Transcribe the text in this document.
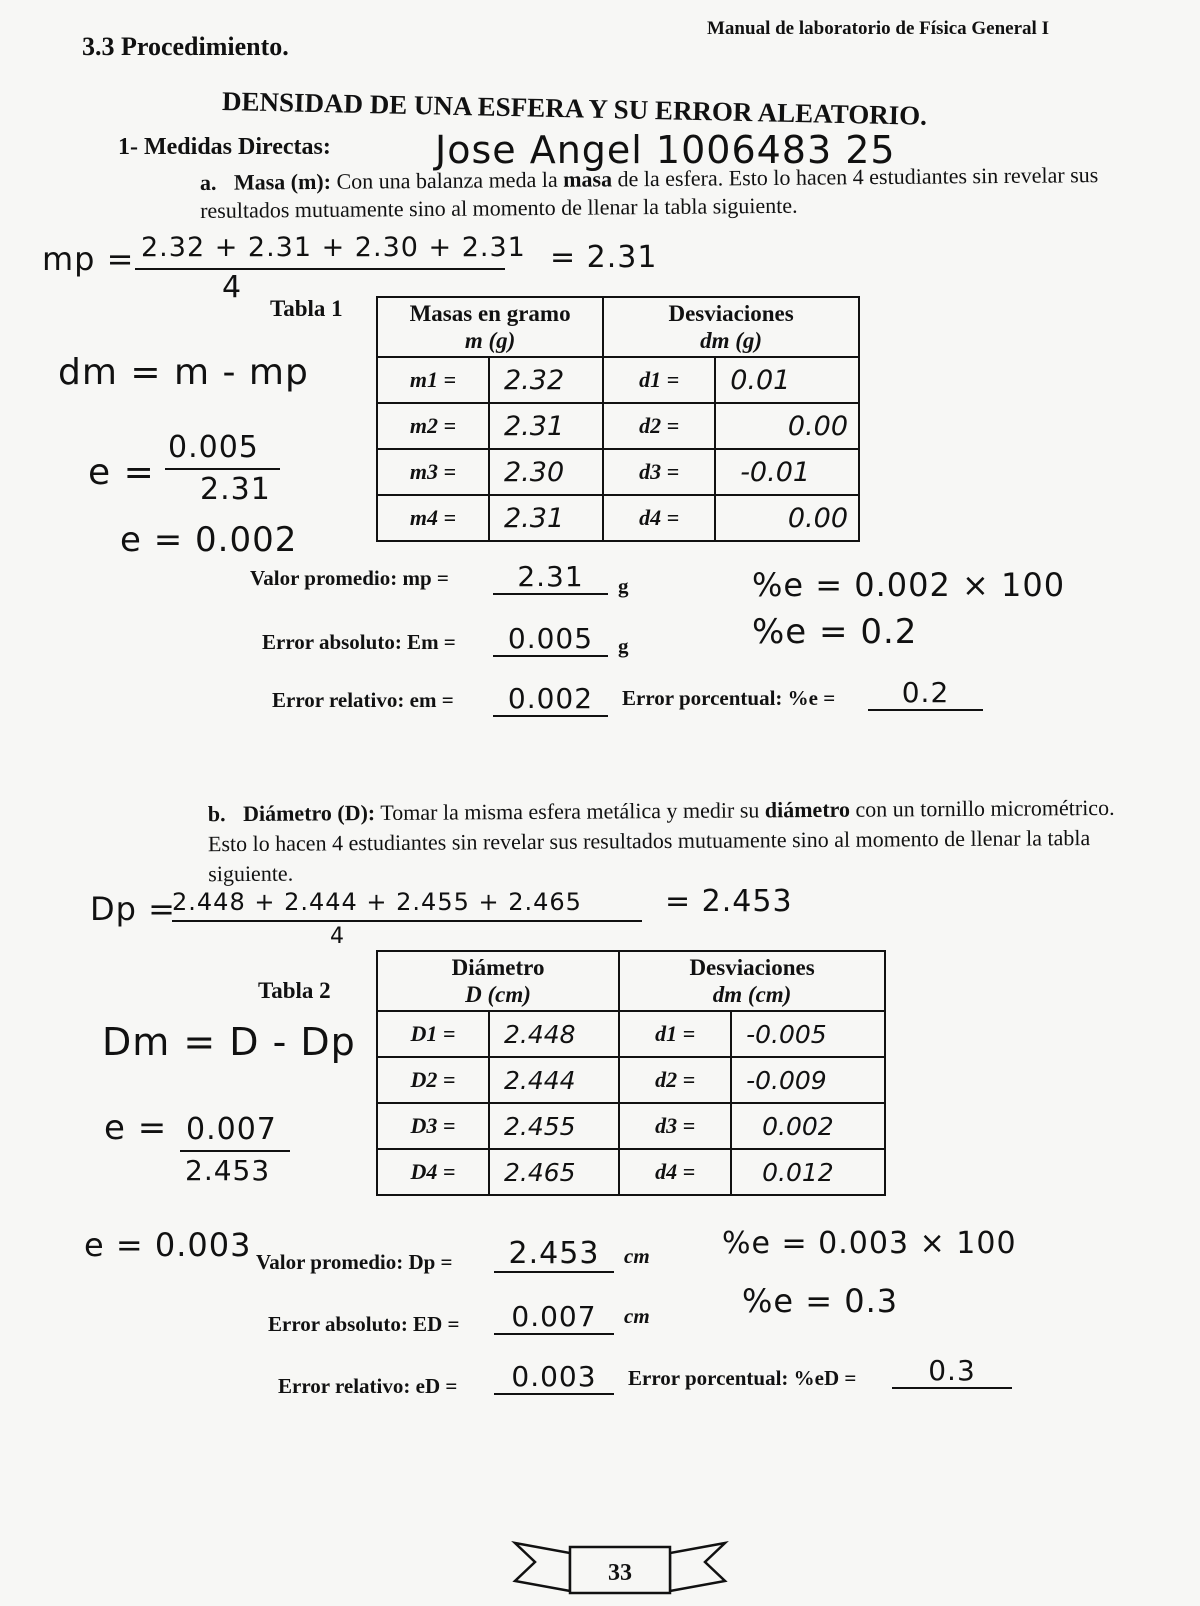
Manual de laboratorio de Física General I
3.3 Procedimiento.
DENSIDAD DE UNA ESFERA Y SU ERROR ALEATORIO.
1- Medidas Directas:	Jose Angel 1006483 25
a. Masa (m): Con una balanza meda la masa de la esfera. Esto lo hacen 4 estudiantes sin revelar sus resultados mutuamente sino al momento de llenar la tabla siguiente.
mp = 2.32 + 2.31 + 2.30 + 2.31
4
= 2.31
Tabla 1	Masas en gramo
m (g)		Desviaciones
dm (g)	
m1 =	2.32	d1 =	0.01
m2 =	2.31	d2 =	0.00
m3 =	2.30	d3 =	-0.01
m4 =	2.31	d4 =	0.00
dm = m - mp
e =
0.005
2.31
e = 0.002
Valor promedio: mp =	2.31	g
Error absoluto: Em =	0.005	g
Error relativo: em =	0.002	Error porcentual: %e =	0.2
%e = 0.002 × 100
%e = 0.2
b. Diámetro (D): Tomar la misma esfera metálica y medir su diámetro con un tornillo micrométrico. Esto lo hacen 4 estudiantes sin revelar sus resultados mutuamente sino al momento de llenar la tabla siguiente.
Dp =
2.448 + 2.444 + 2.455 + 2.465
4
= 2.453
Tabla 2
Diámetro
D (cm)		Desviaciones
dm (cm)	
D1 =	2.448	d1 =	-0.005
D2 =	2.444	d2 =	-0.009
D3 =	2.455	d3 =	0.002
D4 =	2.465	d4 =	0.012
Dm = D - Dp
e = 0.007
2.453
e = 0.003 Valor promedio: Dp =	2.453	cm
Error absoluto: ED =	0.007	cm
Error relativo: eD =	0.003	Error porcentual: %eD =	0.3
%e = 0.003 × 100
%e = 0.3
33
